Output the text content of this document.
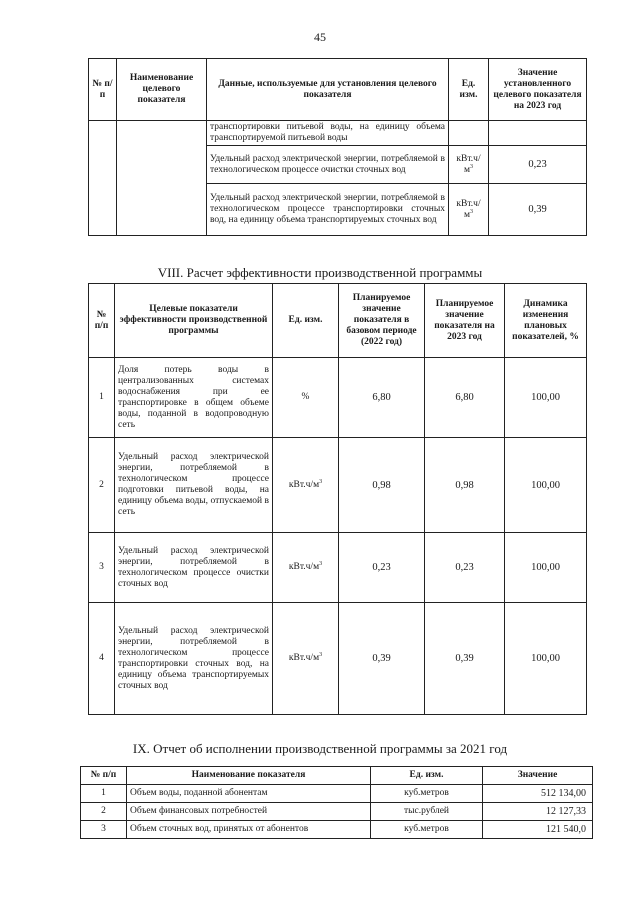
45
№ п/п	Наименование целевого показателя	Данные, используемые для установления целевого показателя	Ед. изм.	Значение установленного целевого показателя на 2023 год
		транспортировки питьевой воды, на единицу объема транспортируемой питьевой воды		
		Удельный расход электрической энергии, потребляемой в технологическом процессе очистки сточных вод	$кВт.ч/м^3$	0,23
		Удельный расход электрической энергии, потребляемой в технологическом процессе транспортировки сточных вод, на единицу объема транспортируемых сточных вод	$кВт.ч/м^3$	0,39
VIII. Расчет эффективности производственной программы
№ п/п	Целевые показатели эффективности производственной программы	Ед. изм.	Планируемое значение показателя в базовом периоде (2022 год)	Планируемое значение показателя на 2023 год	Динамика изменения плановых показателей, %
1	Доля потерь воды в централизованных системах водоснабжения при ее транспортировке в общем объеме воды, поданной в водопроводную сеть	%	6,80	6,80	100,00
2	Удельный расход электрической энергии, потребляемой в технологическом процессе подготовки питьевой воды, на единицу объема воды, отпускаемой в сеть	$кВт.ч/м^3$	0,98	0,98	100,00
3	Удельный расход электрической энергии, потребляемой в технологическом процессе очистки сточных вод	$кВт.ч/м^3$	0,23	0,23	100,00
4	Удельный расход электрической энергии, потребляемой в технологическом процессе транспортировки сточных вод, на единицу объема транспортируемых сточных вод	$кВт.ч/м^3$	0,39	0,39	100,00
IX. Отчет об исполнении производственной программы за 2021 год
№ п/п	Наименование показателя	Ед. изм.	Значение
1	Объем воды, поданной абонентам	куб.метров	512 134,00
2	Объем финансовых потребностей	тыс.рублей	12 127,33
3	Объем сточных вод, принятых от абонентов	куб.метров	121 540,0
